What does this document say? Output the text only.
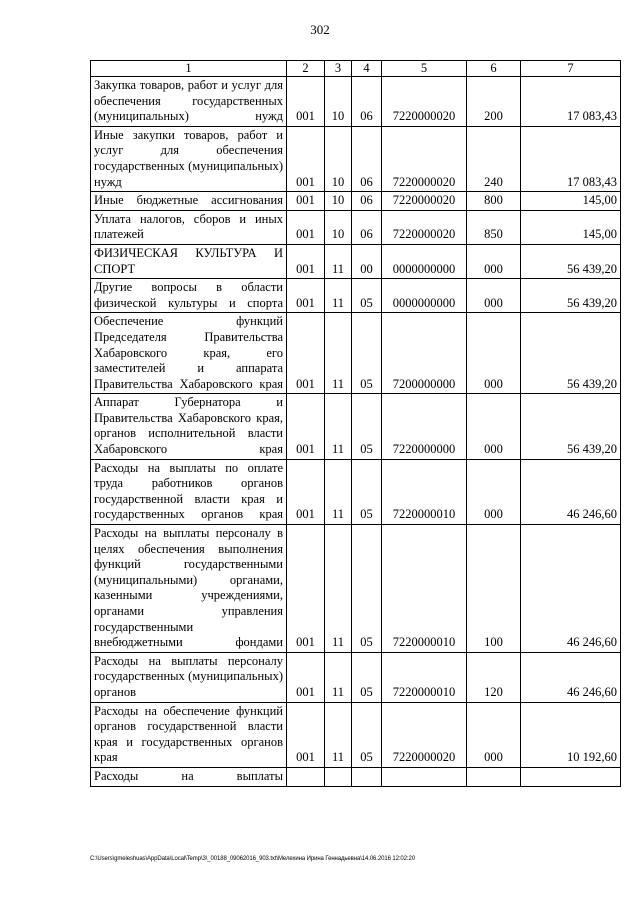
302
1	2	3	4	5	6	7
Закупка товаров, работ и услуг для обеспечения государственных (муниципальных) нужд	001	10	06	7220000020	200	17 083,43
Иные закупки товаров, работ и услуг для обеспечения государственных (муниципальных) нужд	001	10	06	7220000020	240	17 083,43
Иные бюджетные ассигнования	001	10	06	7220000020	800	145,00
Уплата налогов, сборов и иных платежей	001	10	06	7220000020	850	145,00
ФИЗИЧЕСКАЯ КУЛЬТУРА И СПОРТ	001	11	00	0000000000	000	56 439,20
Другие вопросы в области физической культуры и спорта	001	11	05	0000000000	000	56 439,20
Обеспечение функций Председателя Правительства Хабаровского края, его заместителей и аппарата Правительства Хабаровского края	001	11	05	7200000000	000	56 439,20
Аппарат Губернатора и Правительства Хабаровского края, органов исполнительной власти Хабаровского края	001	11	05	7220000000	000	56 439,20
Расходы на выплаты по оплате труда работников органов государственной власти края и государственных органов края	001	11	05	7220000010	000	46 246,60
Расходы на выплаты персоналу в целях обеспечения выполнения функций государственными (муниципальными) органами, казенными учреждениями, органами управления государственными внебюджетными фондами	001	11	05	7220000010	100	46 246,60
Расходы на выплаты персоналу государственных (муниципальных) органов	001	11	05	7220000010	120	46 246,60
Расходы на обеспечение функций органов государственной власти края и государственных органов края	001	11	05	7220000020	000	10 192,60
Расходы на выплаты						
C:\Users\gmeleshuas\AppData\Local\Temp\3\_00188_09062016_903.txt\Мелехина Ирина Геннадьевна\14.06.2016 12:02:20
